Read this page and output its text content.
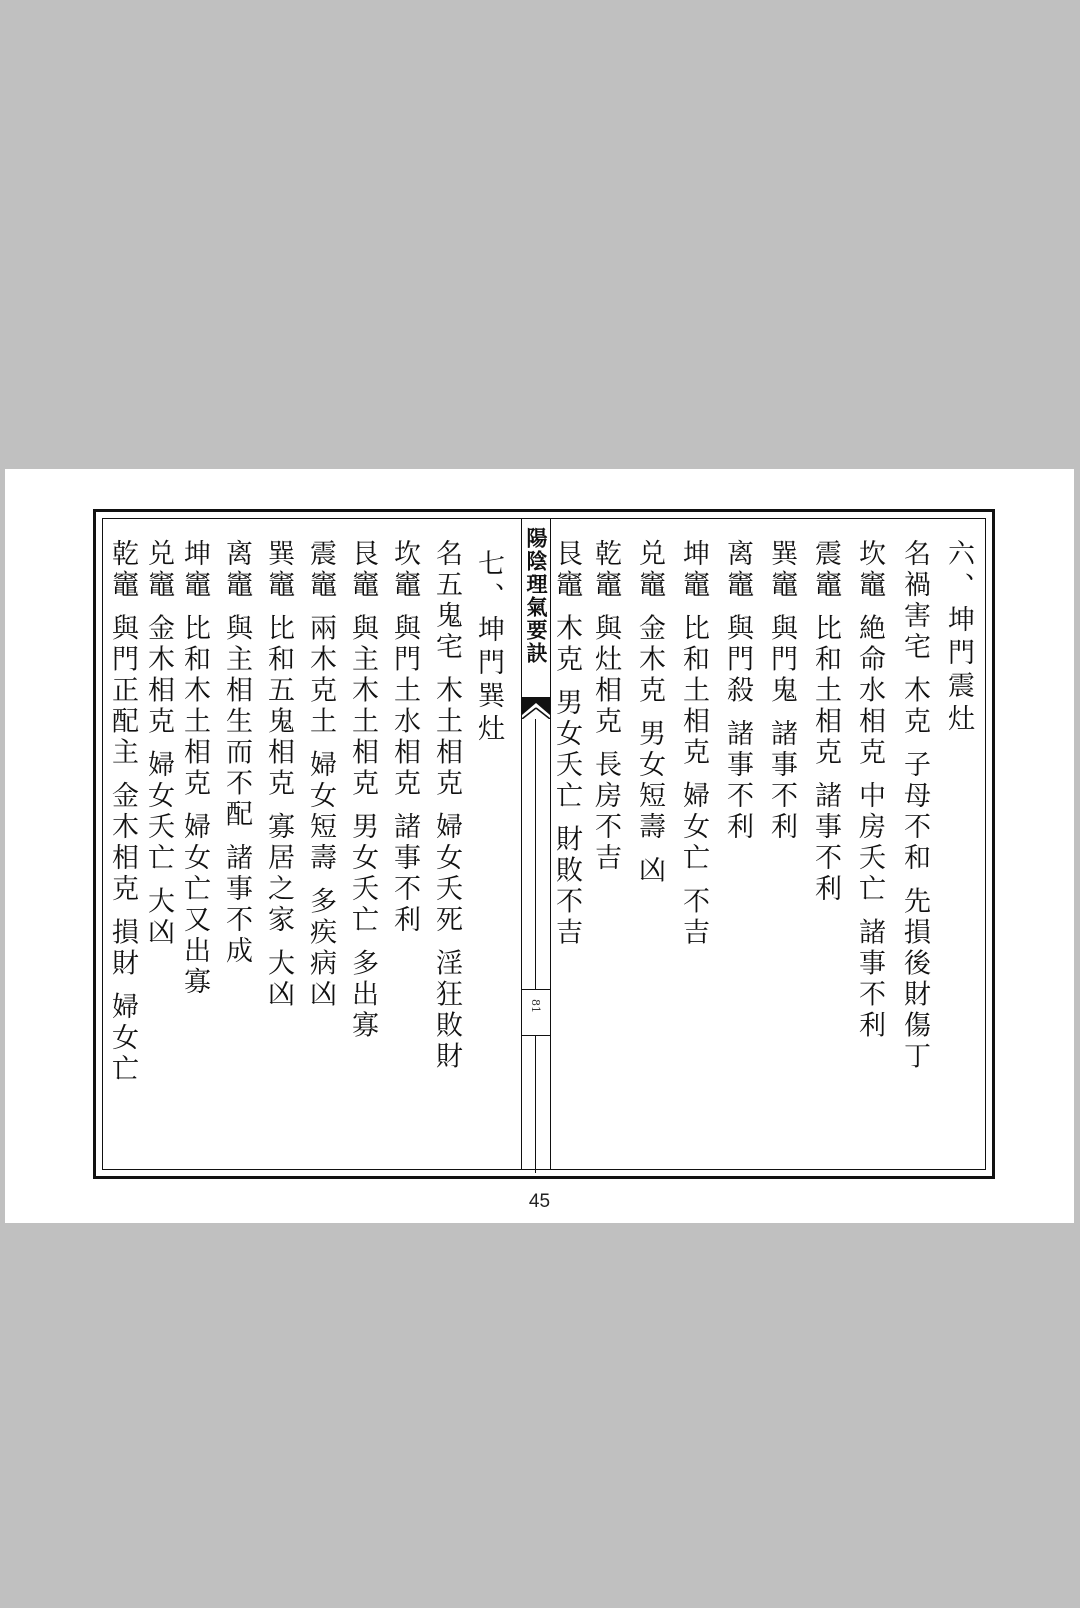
六、坤門震灶
名禍害宅 木克 子母不和 先損後財傷丁
坎竈 絶命水相克 中房夭亡 諸事不利
震竈 比和土相克 諸事不利
巽竈 與門鬼 諸事不利
离竈 與門殺 諸事不利
坤竈 比和土相克 婦女亡 不吉
兑竈 金木克 男女短壽 凶
乾竈 與灶相克 長房不吉
艮竈 木克 男女夭亡 財敗不吉
陽陰理氣要訣
81
七、坤門巽灶
名五鬼宅 木土相克 婦女夭死 淫狂敗財
坎竈 與門土水相克 諸事不利
艮竈 與主木土相克 男女夭亡 多出寡
震竈 兩木克土 婦女短壽 多疾病凶
巽竈 比和五鬼相克 寡居之家 大凶
离竈 與主相生而不配 諸事不成
坤竈 比和木土相克 婦女亡又出寡
兑竈 金木相克 婦女夭亡 大凶
乾竈 與門正配主 金木相克 損財 婦女亡
45
